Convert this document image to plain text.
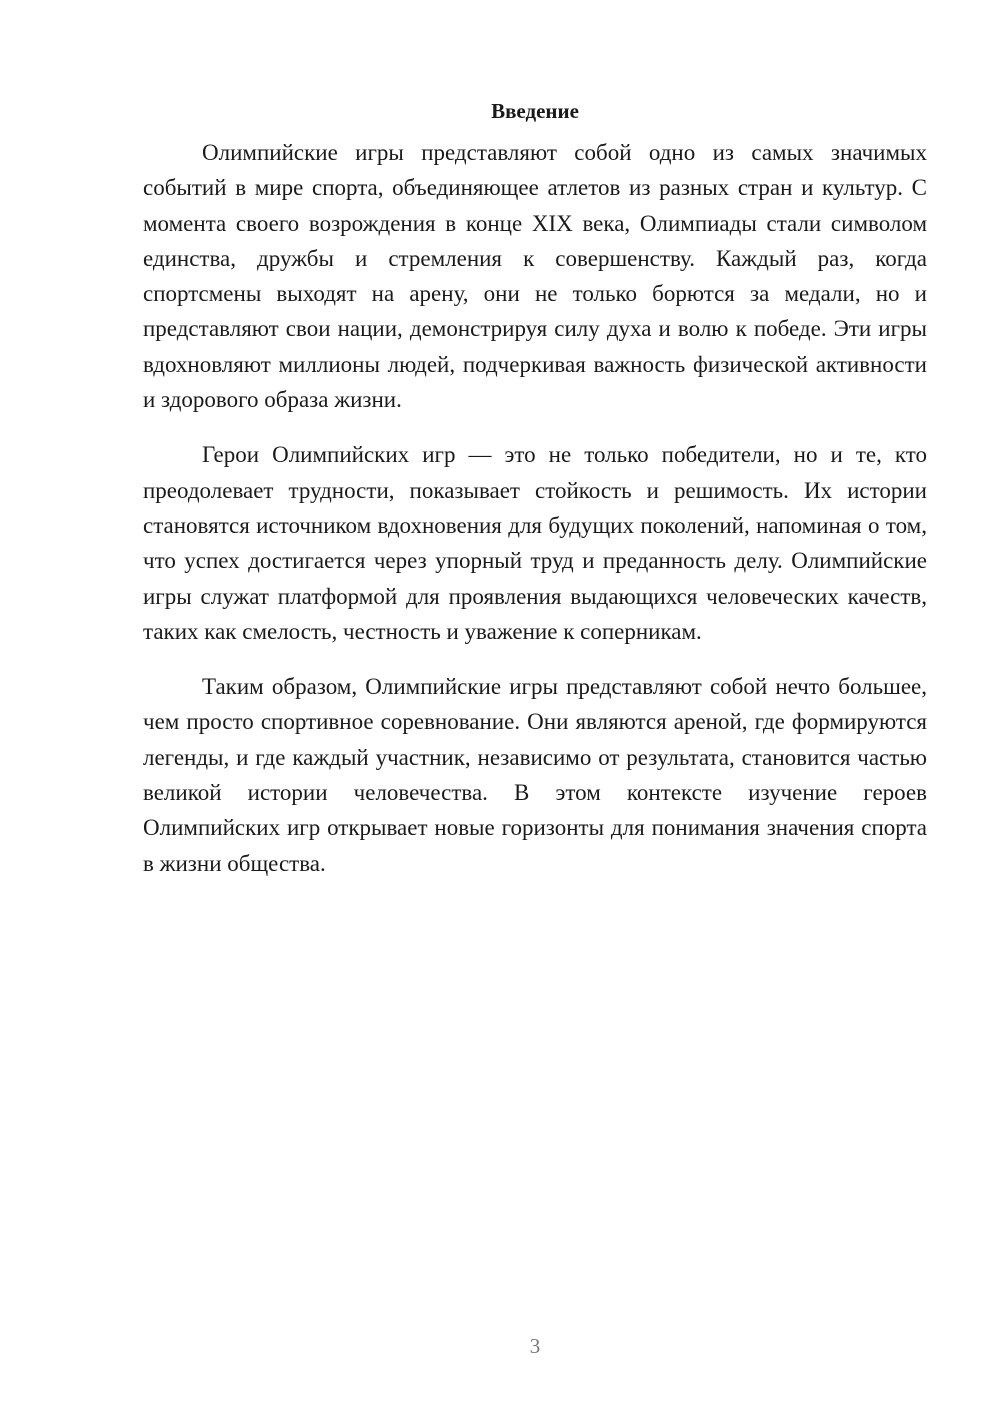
Введение

Олимпийские игры представляют собой одно из самых значимых событий в мире спорта, объединяющее атлетов из разных стран и культур. С момента своего возрождения в конце XIX века, Олимпиады стали символом единства, дружбы и стремления к совершенству. Каждый раз, когда спортсмены выходят на арену, они не только борются за медали, но и представляют свои нации, демонстрируя силу духа и волю к победе. Эти игры вдохновляют миллионы людей, подчеркивая важность физической активности и здорового образа жизни.

Герои Олимпийских игр — это не только победители, но и те, кто преодолевает трудности, показывает стойкость и решимость. Их истории становятся источником вдохновения для будущих поколений, напоминая о том, что успех достигается через упорный труд и преданность делу. Олимпийские игры служат платформой для проявления выдающихся человеческих качеств, таких как смелость, честность и уважение к соперникам.

Таким образом, Олимпийские игры представляют собой нечто большее, чем просто спортивное соревнование. Они являются ареной, где формируются легенды, и где каждый участник, независимо от результата, становится частью великой истории человечества. В этом контексте изучение героев Олимпийских игр открывает новые горизонты для понимания значения спорта в жизни общества.

3
